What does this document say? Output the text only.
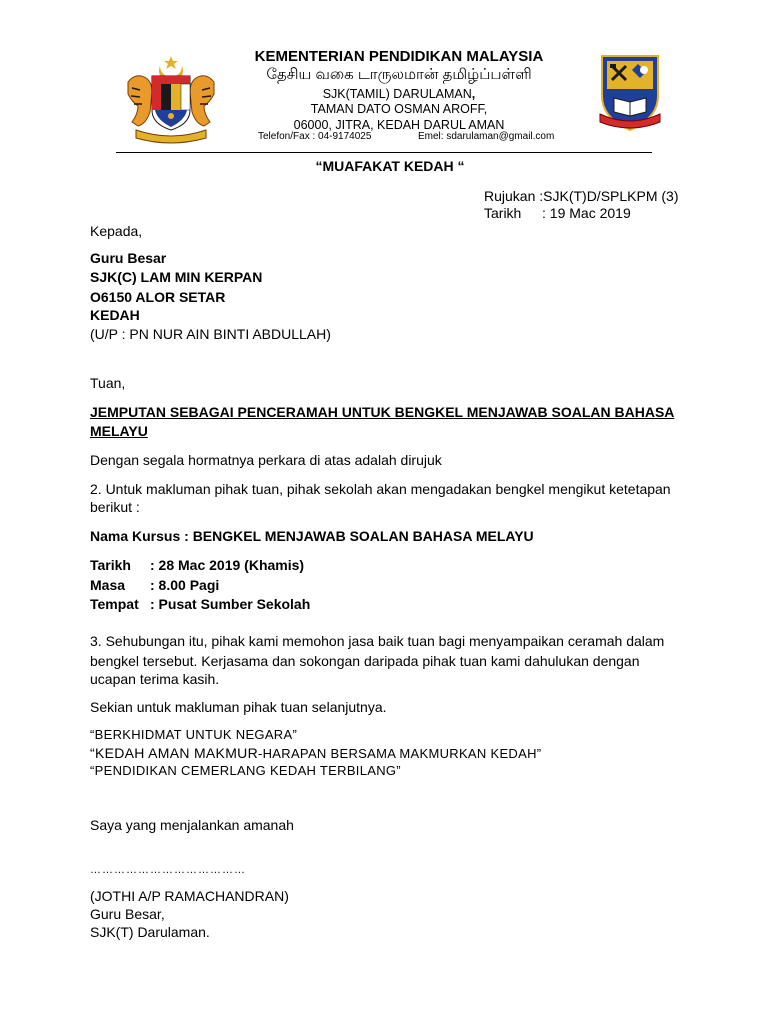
KEMENTERIAN PENDIDIKAN MALAYSIA
தேசிய வகை டாருலமான் தமிழ்ப்பள்ளி
SJK(TAMIL) DARULAMAN,
TAMAN DATO OSMAN AROFF,
06000, JITRA, KEDAH DARUL AMAN
Telefon/Fax : 04-9174025	Emel: sdarulaman@gmail.com
“MUAFAKAT KEDAH “
Rujukan :SJK(T)D/SPLKPM (3)
Tarikh : 19 Mac 2019
Kepada,
Guru Besar
SJK(C) LAM MIN KERPAN
O6150 ALOR SETAR
KEDAH
(U/P : PN NUR AIN BINTI ABDULLAH)
Tuan,
JEMPUTAN SEBAGAI PENCERAMAH UNTUK BENGKEL MENJAWAB SOALAN BAHASA
MELAYU
Dengan segala hormatnya perkara di atas adalah dirujuk
2. Untuk makluman pihak tuan, pihak sekolah akan mengadakan bengkel mengikut ketetapan
berikut :
Nama Kursus : BENGKEL MENJAWAB SOALAN BAHASA MELAYU
Tarikh : 28 Mac 2019 (Khamis)
Masa : 8.00 Pagi
Tempat : Pusat Sumber Sekolah
3. Sehubungan itu, pihak kami memohon jasa baik tuan bagi menyampaikan ceramah dalam
bengkel tersebut. Kerjasama dan sokongan daripada pihak tuan kami dahulukan dengan
ucapan terima kasih.
Sekian untuk makluman pihak tuan selanjutnya.
“BERKHIDMAT UNTUK NEGARA”
“KEDAH AMAN MAKMUR-HARAPAN BERSAMA MAKMURKAN KEDAH”
“PENDIDIKAN CEMERLANG KEDAH TERBILANG”
Saya yang menjalankan amanah
…………………………………
(JOTHI A/P RAMACHANDRAN)
Guru Besar,
SJK(T) Darulaman.
